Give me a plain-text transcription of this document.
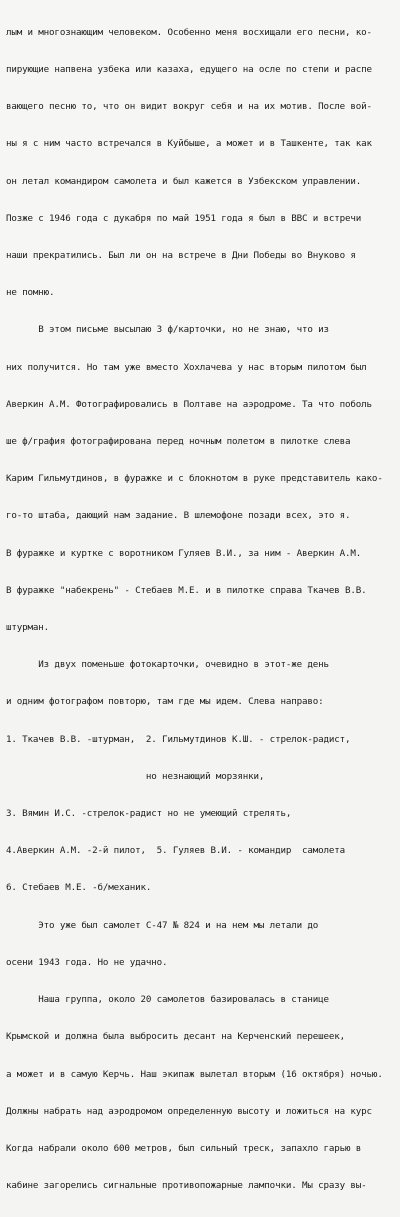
лым и многознающим человеком. Особенно меня восхищали его песни, ко-

пирующие напвена узбека или казаха, едущего на осле по степи и распе

вающего песню то, что он видит вокруг себя и на их мотив. После вой-

ны я с ним часто встречался в Куйбыше, а может и в Ташкенте, так как

он летал командиром самолета и был кажется в Узбекском управлении.

Позже с 1946 года с дукабря по май 1951 года я был в ВВС и встречи

наши прекратились. Был ли он на встрече в Дни Победы во Внуково я

не помню.

В этом письме высылаю 3 ф/карточки, но не знаю, что из

них получится. Но там уже вместо Хохлачева у нас вторым пилотом был

Аверкин А.М. Фотографировались в Полтаве на аэродроме. Та что поболь

ше ф/графия фотографирована перед ночным полетом в пилотке слева

Карим Гильмутдинов, в фуражке и с блокнотом в руке представитель како-

го-то штаба, дающий нам задание. В шлемофоне позади всех, это я.

В фуражке и куртке с воротником Гуляев В.И., за ним - Аверкин А.М.

В фуражке "набекрень" - Стебаев М.Е. и в пилотке справа Ткачев В.В.

штурман.

Из двух поменьше фотокарточки, очевидно в этот-же день

и одним фотографом повторю, там где мы идем. Слева направо:

1. Ткачев В.В. -штурман,  2. Гильмутдинов К.Ш. - стрелок-радист,

но незнающий морзянки,

3. Вямин И.С. -стрелок-радист но не умеющий стрелять,

4.Аверкин А.М. -2-й пилот,  5. Гуляев В.И. - командир  самолета

6. Стебаев М.Е. -б/механик.

Это уже был самолет С-47 № 824 и на нем мы летали до

осени 1943 года. Но не удачно.

Наша группа, около 20 самолетов базировалась в станице

Крымской и должна была выбросить десант на Керченский перешеек,

а может и в самую Керчь. Наш экипаж вылетал вторым (16 октября) ночью.

Должны набрать над аэродромом определенную высоту и ложиться на курс

Когда набрали около 600 метров, был сильный треск, запахло гарью в

кабине загорелись сигнальные противопожарные лампочки. Мы сразу вы-
